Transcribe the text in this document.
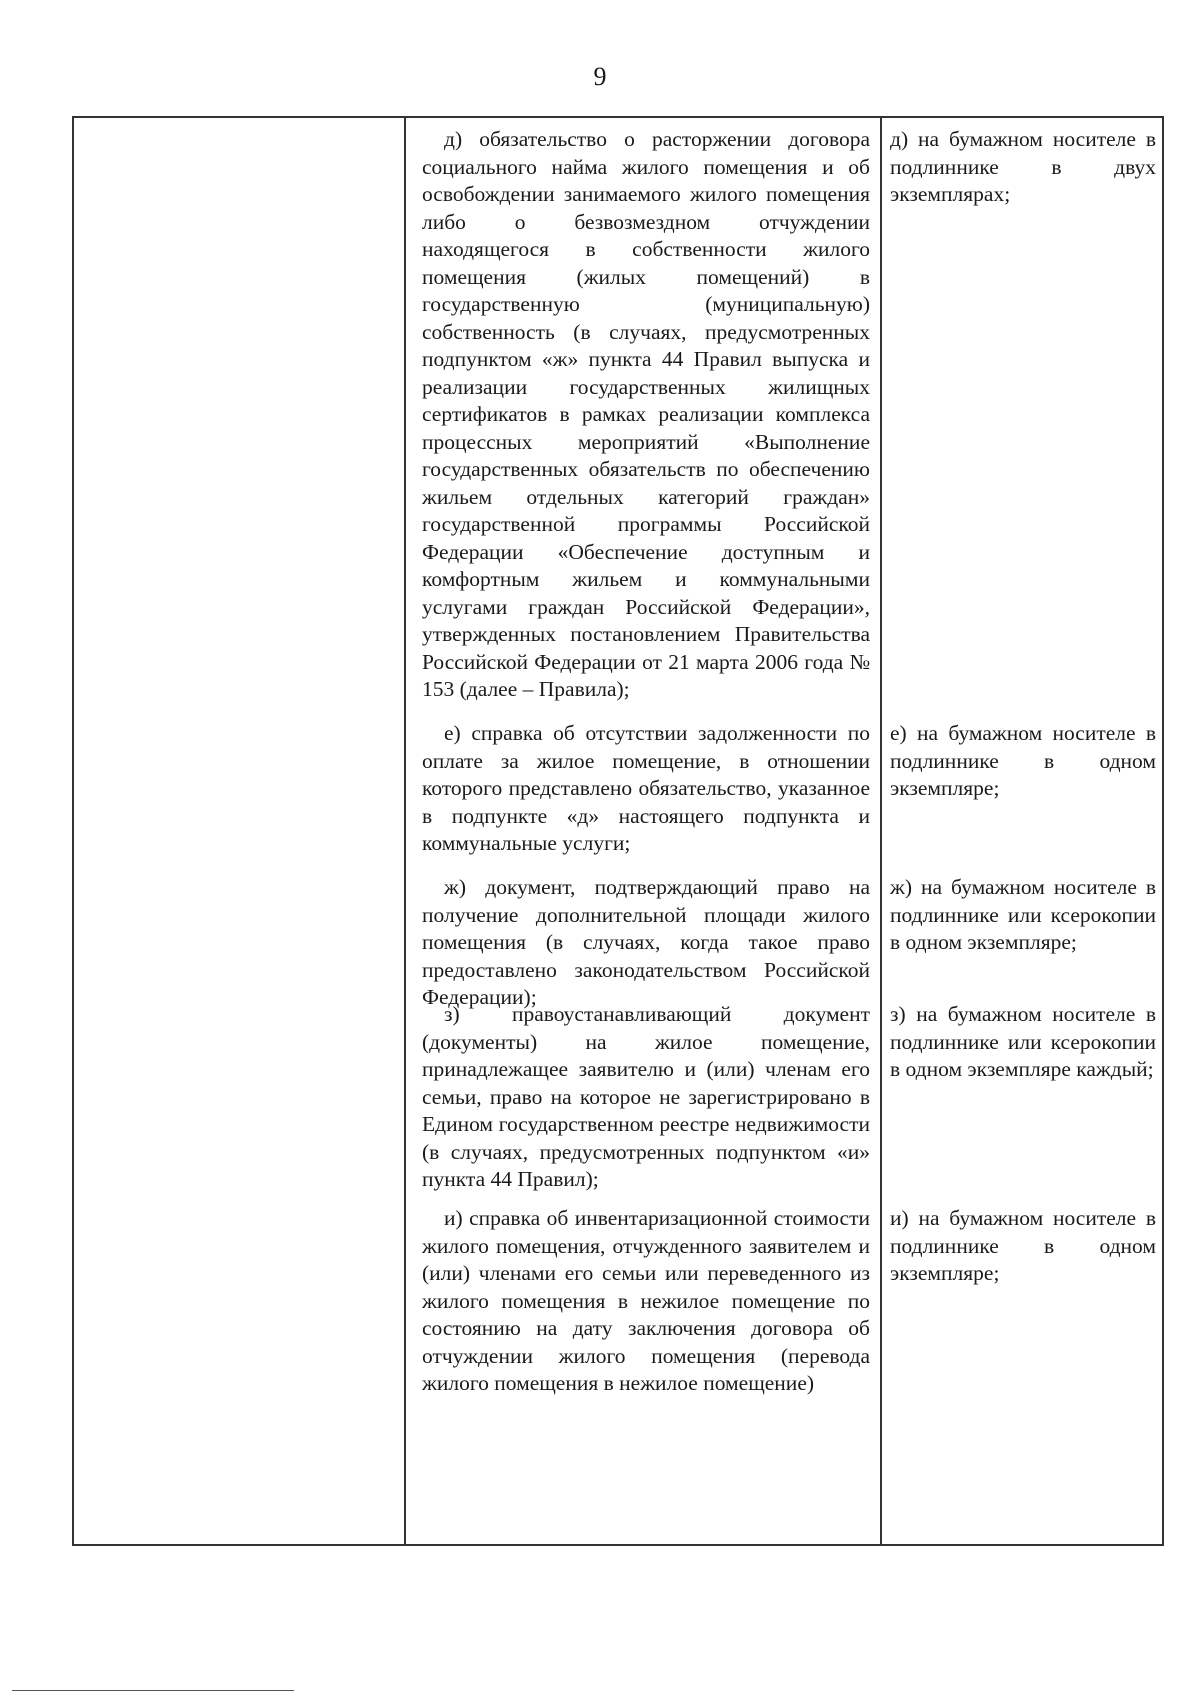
9

д) обязательство о расторжении договора социального найма жилого помещения и об освобождении занимаемого жилого помещения либо о безвозмездном отчуждении находящегося в собственности жилого помещения (жилых помещений) в государственную (муниципальную) собственность (в случаях, предусмотренных подпунктом «ж» пункта 44 Правил выпуска и реализации государственных жилищных сертификатов в рамках реализации комплекса процессных мероприятий «Выполнение государственных обязательств по обеспечению жильем отдельных категорий граждан» государственной программы Российской Федерации «Обеспечение доступным и комфортным жильем и коммунальными услугами граждан Российской Федерации», утвержденных постановлением Правительства Российской Федерации от 21 марта 2006 года № 153 (далее – Правила);

е) справка об отсутствии задолженности по оплате за жилое помещение, в отношении которого представлено обязательство, указанное в подпункте «д» настоящего подпункта и коммунальные услуги;

ж) документ, подтверждающий право на получение дополнительной площади жилого помещения (в случаях, когда такое право предоставлено законодательством Российской Федерации);

з) правоустанавливающий документ (документы) на жилое помещение, принадлежащее заявителю и (или) членам его семьи, право на которое не зарегистрировано в Едином государственном реестре недвижимости (в случаях, предусмотренных подпунктом «и» пункта 44 Правил);

и) справка об инвентаризационной стоимости жилого помещения, отчужденного заявителем и (или) членами его семьи или переведенного из жилого помещения в нежилое помещение по состоянию на дату заключения договора об отчуждении жилого помещения (перевода жилого помещения в нежилое помещение)

д) на бумажном носителе в подлиннике в двух экземплярах;

е) на бумажном носителе в подлиннике в одном экземпляре;

ж) на бумажном носителе в подлиннике или ксерокопии в одном экземпляре;

з) на бумажном носителе в подлиннике или ксерокопии в одном экземпляре каждый;

и) на бумажном носителе в подлиннике в одном экземпляре;
